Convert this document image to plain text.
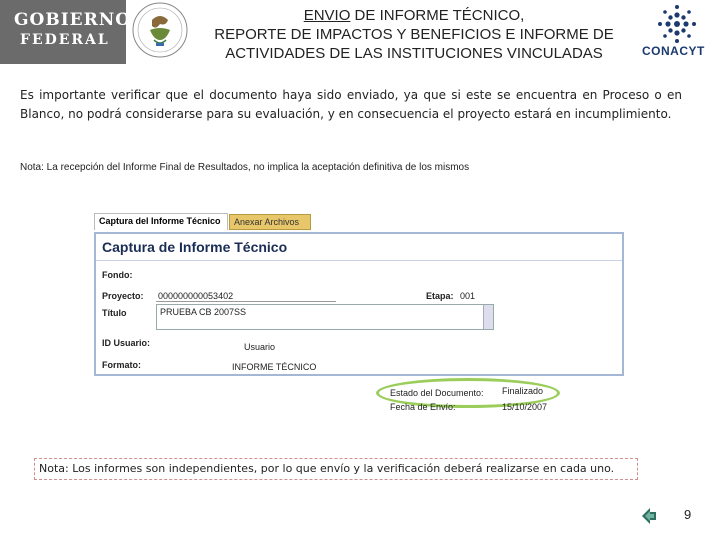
GOBIERNO
FEDERAL
ENVIO DE INFORME TÉCNICO,
REPORTE DE IMPACTOS Y BENEFICIOS E INFORME DE
ACTIVIDADES DE LAS INSTITUCIONES VINCULADAS	CONACYT
Es importante verificar que el documento haya sido enviado, ya que si este se encuentra en Proceso o en Blanco, no podrá considerarse para su evaluación, y en consecuencia el proyecto estará en incumplimiento.
Nota: La recepción del Informe Final de Resultados, no implica la aceptación definitiva de los mismos
Captura del Informe Técnico	Anexar Archivos
Captura de Informe Técnico
Fondo:
Proyecto: 000000000053402	Etapa: 001
Título	PRUEBA CB 2007SS
ID Usuario:	Usuario
Formato:	INFORME TÉCNICO
Estado del Documento: Finalizado
Fecha de Envío:	15/10/2007
Nota: Los informes son independientes, por lo que envío y la verificación deberá realizarse en cada uno.
9
